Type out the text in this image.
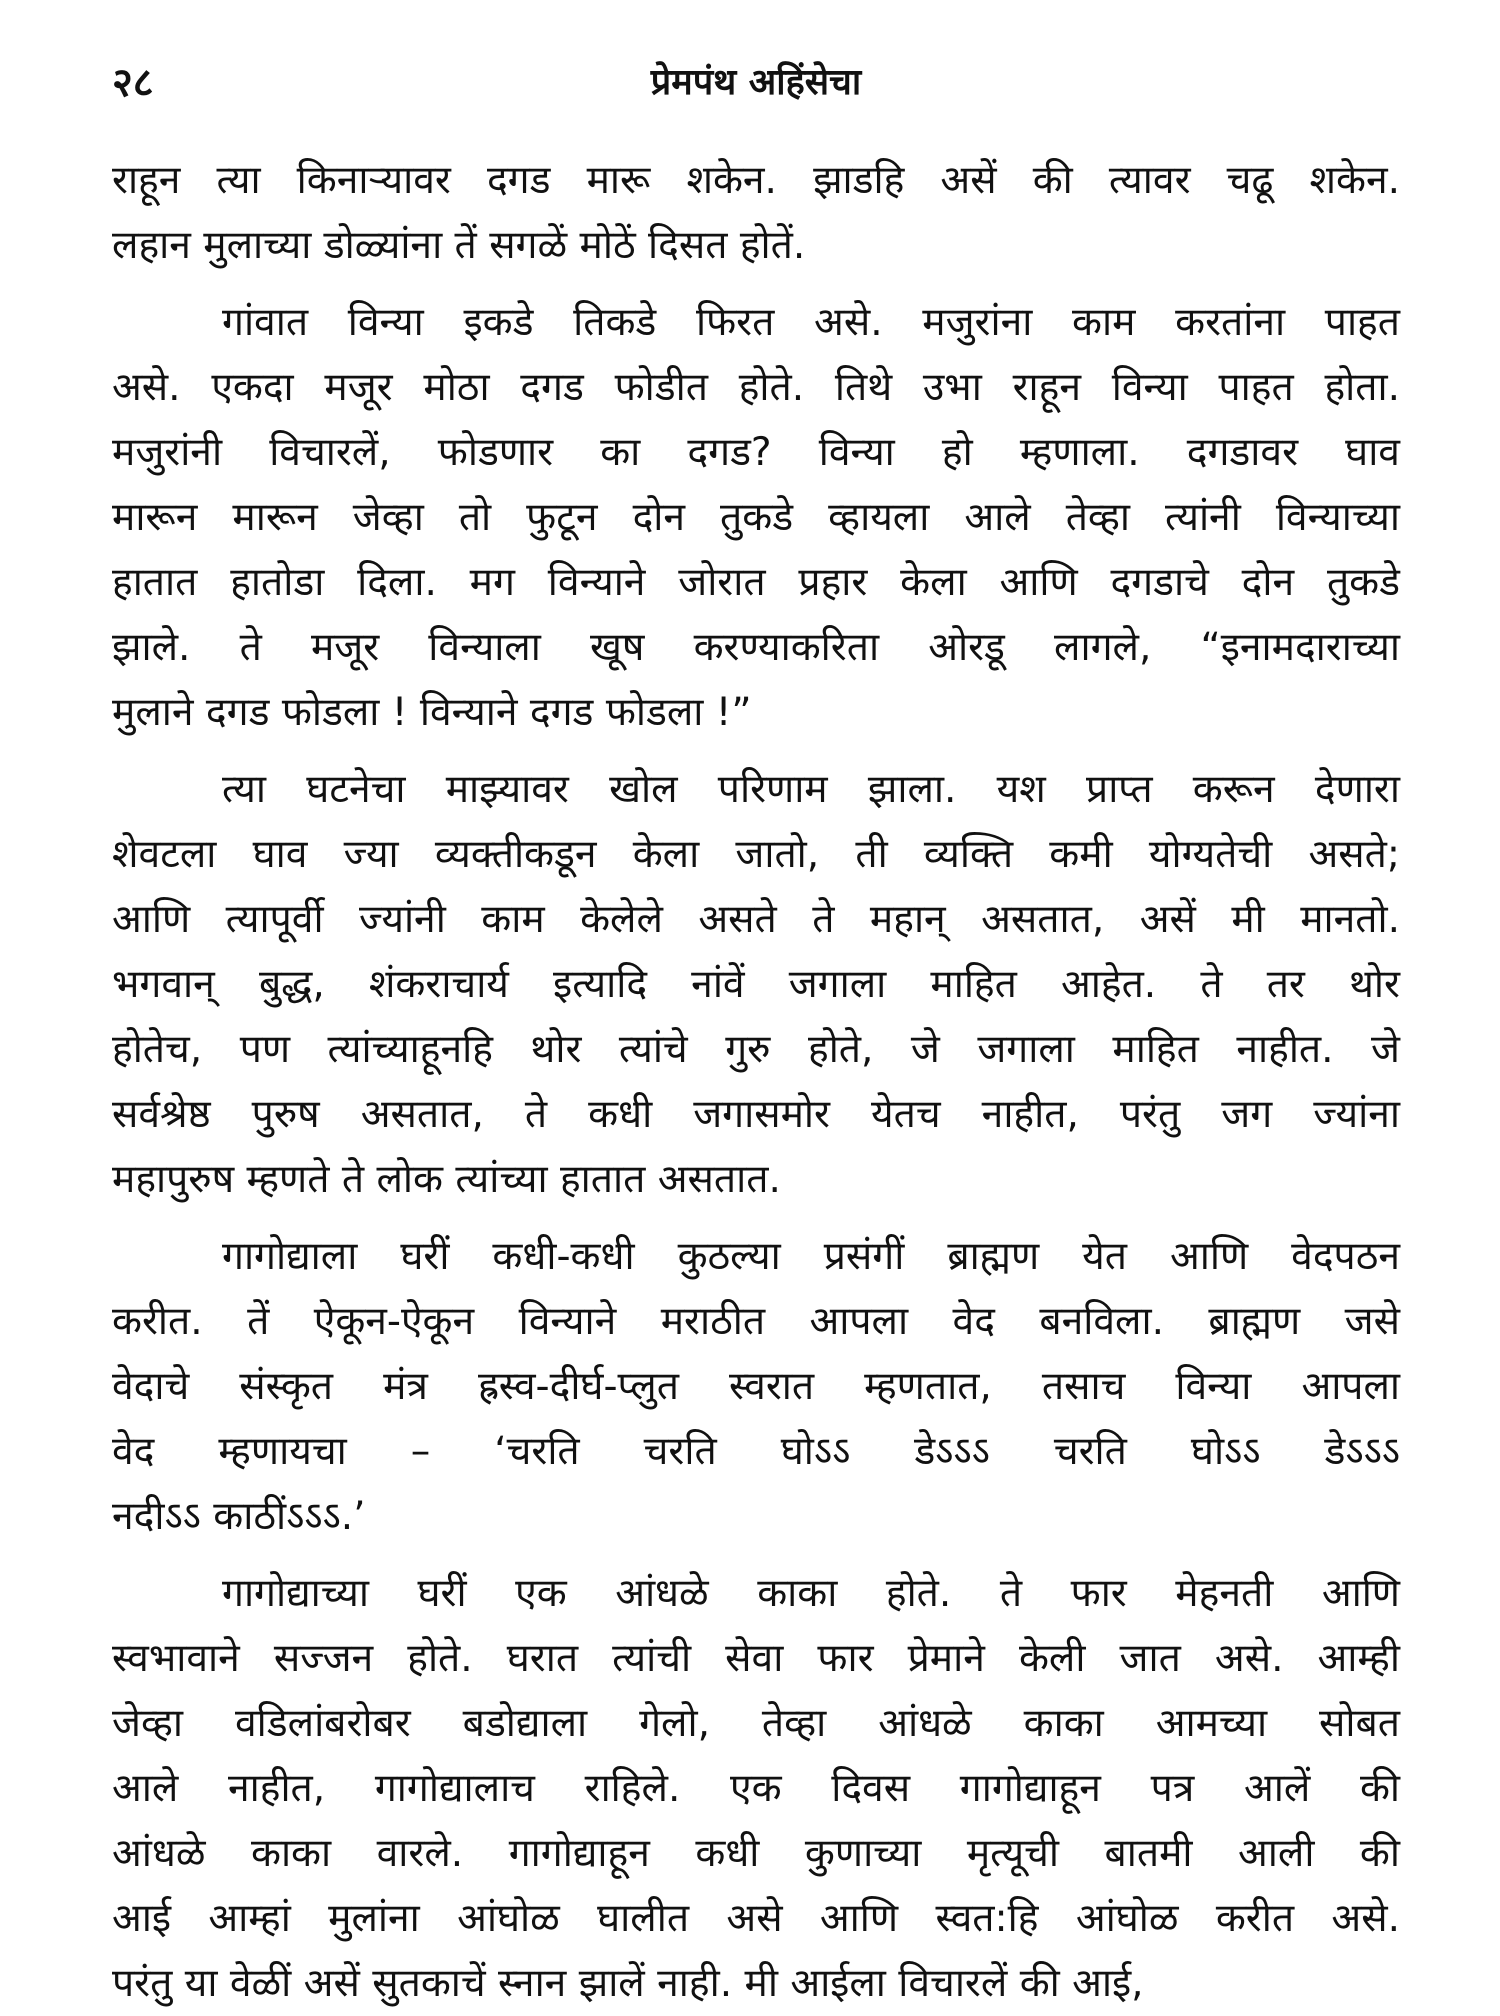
२८	प्रेमपंथ अहिंसेचा
राहून त्या किनाऱ्यावर दगड मारू शकेन. झाडहि असें की त्यावर चढू शकेन.
लहान मुलाच्या डोळ्यांना तें सगळें मोठें दिसत होतें.
गांवात विन्या इकडे तिकडे फिरत असे. मजुरांना काम करतांना पाहत
असे. एकदा मजूर मोठा दगड फोडीत होते. तिथे उभा राहून विन्या पाहत होता.
मजुरांनी विचारलें, फोडणार का दगड? विन्या हो म्हणाला. दगडावर घाव
मारून मारून जेव्हा तो फुटून दोन तुकडे व्हायला आले तेव्हा त्यांनी विन्याच्या
हातात हातोडा दिला. मग विन्याने जोरात प्रहार केला आणि दगडाचे दोन तुकडे
झाले. ते मजूर विन्याला खूष करण्याकरिता ओरडू लागले, “इनामदाराच्या
मुलाने दगड फोडला ! विन्याने दगड फोडला !”
त्या घटनेचा माझ्यावर खोल परिणाम झाला. यश प्राप्त करून देणारा
शेवटला घाव ज्या व्यक्तीकडून केला जातो, ती व्यक्ति कमी योग्यतेची असते;
आणि त्यापूर्वी ज्यांनी काम केलेले असते ते महान् असतात, असें मी मानतो.
भगवान् बुद्ध, शंकराचार्य इत्यादि नांवें जगाला माहित आहेत. ते तर थोर
होतेच, पण त्यांच्याहूनहि थोर त्यांचे गुरु होते, जे जगाला माहित नाहीत. जे
सर्वश्रेष्ठ पुरुष असतात, ते कधी जगासमोर येतच नाहीत, परंतु जग ज्यांना
महापुरुष म्हणते ते लोक त्यांच्या हातात असतात.
गागोद्याला घरीं कधी-कधी कुठल्या प्रसंगीं ब्राह्मण येत आणि वेदपठन
करीत. तें ऐकून-ऐकून विन्याने मराठीत आपला वेद बनविला. ब्राह्मण जसे
वेदाचे संस्कृत मंत्र ह्रस्व-दीर्घ-प्लुत स्वरात म्हणतात, तसाच विन्या आपला
वेद म्हणायचा – ‘चरति चरति घोऽऽ डेऽऽऽ चरति घोऽऽ डेऽऽऽ
नदीऽऽ काठींऽऽऽ.’
गागोद्याच्या घरीं एक आंधळे काका होते. ते फार मेहनती आणि
स्वभावाने सज्जन होते. घरात त्यांची सेवा फार प्रेमाने केली जात असे. आम्ही
जेव्हा वडिलांबरोबर बडोद्याला गेलो, तेव्हा आंधळे काका आमच्या सोबत
आले नाहीत, गागोद्यालाच राहिले. एक दिवस गागोद्याहून पत्र आलें की
आंधळे काका वारले. गागोद्याहून कधी कुणाच्या मृत्यूची बातमी आली की
आई आम्हां मुलांना आंघोळ घालीत असे आणि स्वत:हि आंघोळ करीत असे.
परंतु या वेळीं असें सुतकाचें स्नान झालें नाही. मी आईला विचारलें की आई,
